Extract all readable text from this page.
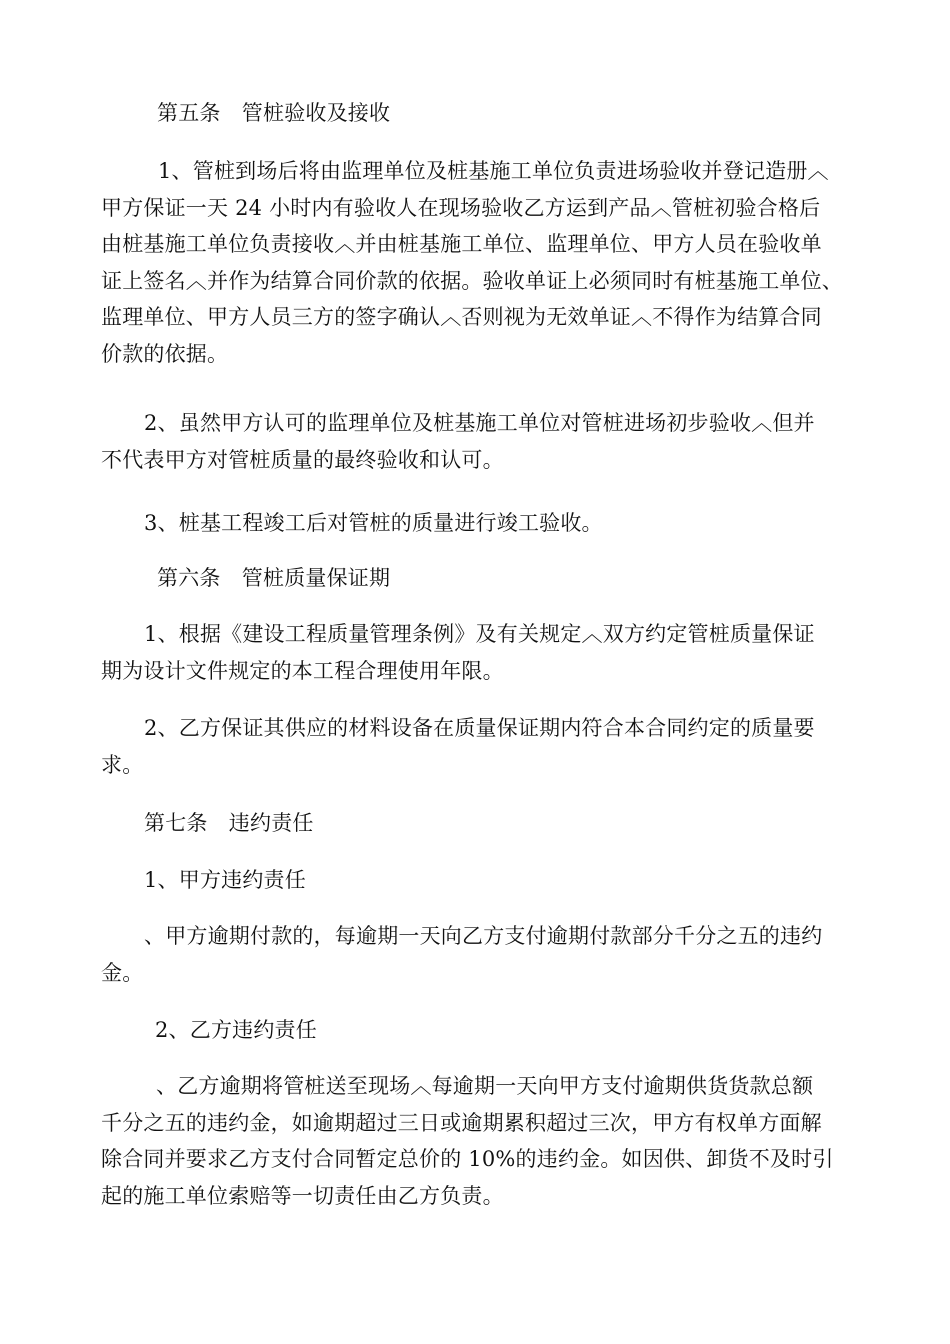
第五条　管桩验收及接收
1、管桩到场后将由监理单位及桩基施工单位负责进场验收并登记造册︿
甲方保证一天 24 小时内有验收人在现场验收乙方运到产品︿管桩初验合格后
由桩基施工单位负责接收︿并由桩基施工单位、监理单位、甲方人员在验收单
证上签名︿并作为结算合同价款的依据。验收单证上必须同时有桩基施工单位、
监理单位、甲方人员三方的签字确认︿否则视为无效单证︿不得作为结算合同
价款的依据。
2、虽然甲方认可的监理单位及桩基施工单位对管桩进场初步验收︿但并
不代表甲方对管桩质量的最终验收和认可。
3、桩基工程竣工后对管桩的质量进行竣工验收。
第六条　管桩质量保证期
1、根据《建设工程质量管理条例》及有关规定︿双方约定管桩质量保证
期为设计文件规定的本工程合理使用年限。
2、乙方保证其供应的材料设备在质量保证期内符合本合同约定的质量要
求。
第七条　违约责任
1、甲方违约责任
、甲方逾期付款的，每逾期一天向乙方支付逾期付款部分千分之五的违约
金。
2、乙方违约责任
、乙方逾期将管桩送至现场︿每逾期一天向甲方支付逾期供货货款总额
千分之五的违约金，如逾期超过三日或逾期累积超过三次，甲方有权单方面解
除合同并要求乙方支付合同暂定总价的 10%的违约金。如因供、卸货不及时引
起的施工单位索赔等一切责任由乙方负责。
